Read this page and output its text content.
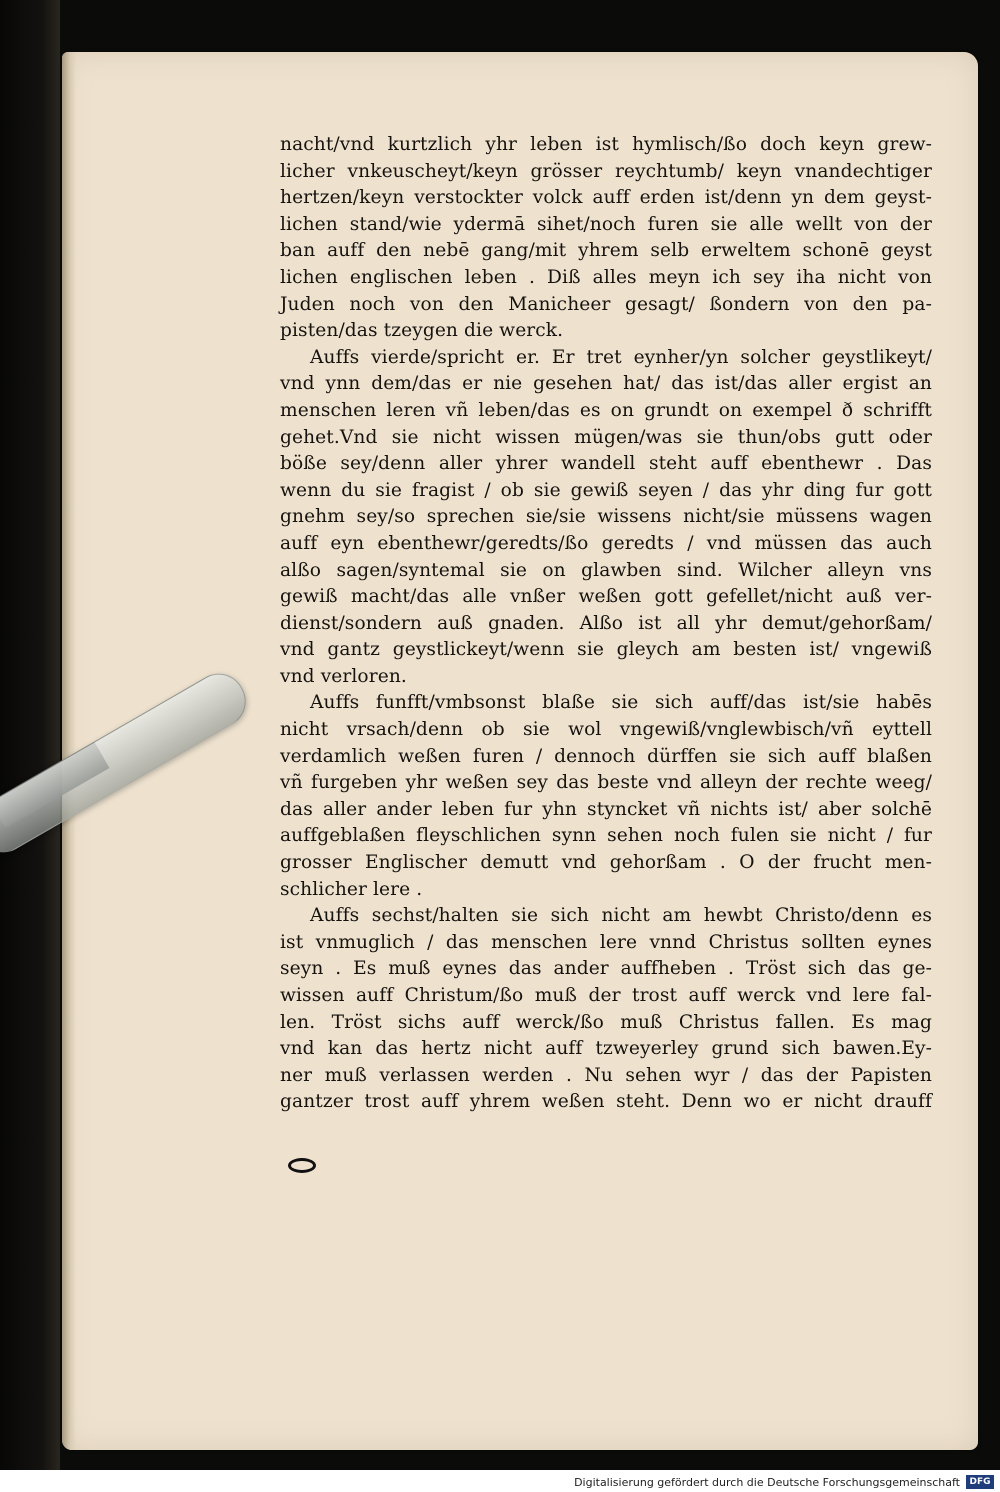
nacht/vnd kurtzlich yhr leben ist hymlisch/ßo doch keyn grew-
licher vnkeuscheyt/keyn grösser reychtumb/ keyn vnandechtiger
hertzen/keyn verstockter volck auff erden ist/denn yn dem geyst-
lichen stand/wie ydermā sihet/noch furen sie alle wellt von der
ban auff den nebē gang/mit yhrem selb erweltem schonē geyst
lichen englischen leben . Diß alles meyn ich sey iha nicht von
Juden noch von den Manicheer gesagt/ ßondern von den pa-
pisten/das tzeygen die werck.
Auffs vierde/spricht er. Er tret eynher/yn solcher geystlikeyt/
vnd ynn dem/das er nie gesehen hat/ das ist/das aller ergist an
menschen leren vñ leben/das es on grundt on exempel ð schrifft
gehet.Vnd sie nicht wissen mügen/was sie thun/obs gutt oder
böße sey/denn aller yhrer wandell steht auff ebenthewr . Das
wenn du sie fragist / ob sie gewiß seyen / das yhr ding fur gott
gnehm sey/so sprechen sie/sie wissens nicht/sie müssens wagen
auff eyn ebenthewr/geredts/ßo geredts / vnd müssen das auch
alßo sagen/syntemal sie on glawben sind. Wilcher alleyn vns
gewiß macht/das alle vnßer weßen gott gefellet/nicht auß ver-
dienst/sondern auß gnaden. Alßo ist all yhr demut/gehorßam/
vnd gantz geystlickeyt/wenn sie gleych am besten ist/ vngewiß
vnd verloren.
Auffs funfft/vmbsonst blaße sie sich auff/das ist/sie habēs
nicht vrsach/denn ob sie wol vngewiß/vnglewbisch/vñ eyttell
verdamlich weßen furen / dennoch dürffen sie sich auff blaßen
vñ furgeben yhr weßen sey das beste vnd alleyn der rechte weeg/
das aller ander leben fur yhn styncket vñ nichts ist/ aber solchē
auffgeblaßen fleyschlichen synn sehen noch fulen sie nicht / fur
grosser Englischer demutt vnd gehorßam . O der frucht men-
schlicher lere .
Auffs sechst/halten sie sich nicht am hewbt Christo/denn es
ist vnmuglich / das menschen lere vnnd Christus sollten eynes
seyn . Es muß eynes das ander auffheben . Tröst sich das ge-
wissen auff Christum/ßo muß der trost auff werck vnd lere fal-
len. Tröst sichs auff werck/ßo muß Christus fallen. Es mag
vnd kan das hertz nicht auff tzweyerley grund sich bawen.Ey-
ner muß verlassen werden . Nu sehen wyr / das der Papisten
gantzer trost auff yhrem weßen steht. Denn wo er nicht drauff
Digitalisierung gefördert durch die Deutsche Forschungsgemeinschaft	DFG
